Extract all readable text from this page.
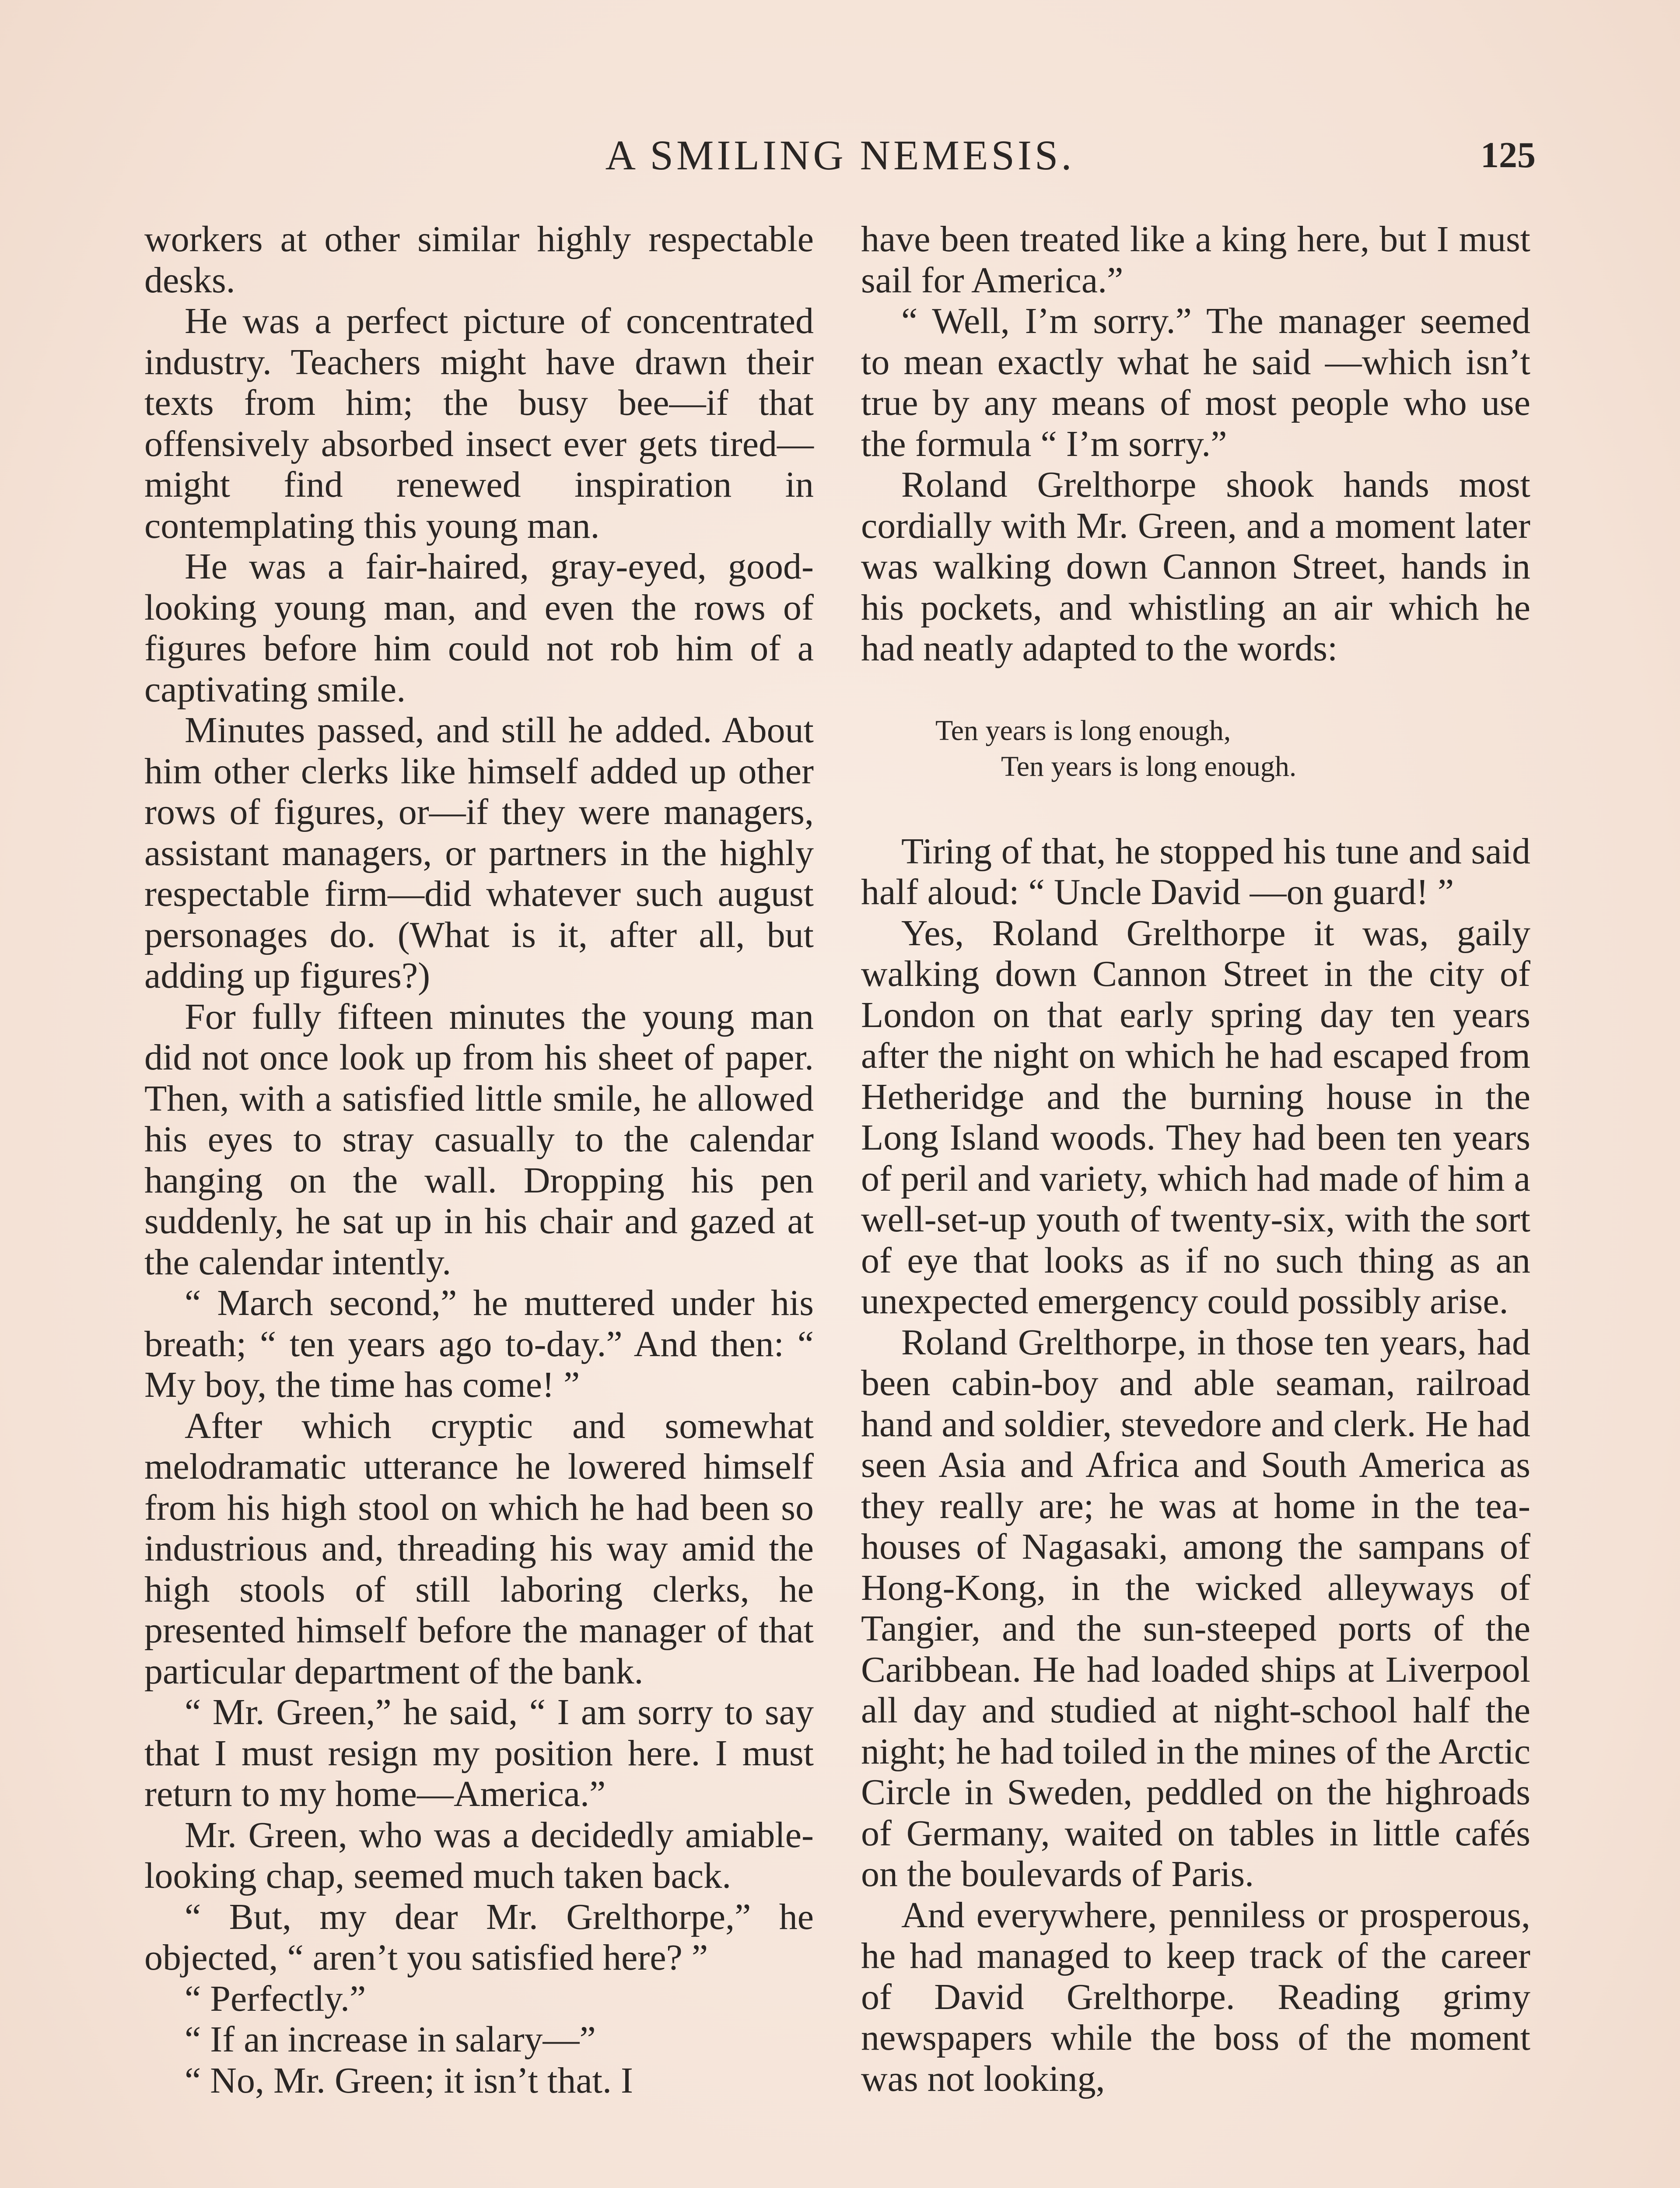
A SMILING NEMESIS.	125

workers at other similar highly respectable desks.

He was a perfect picture of concentrated industry. Teachers might have drawn their texts from him; the busy bee—if that offensively absorbed insect ever gets tired—might find renewed inspiration in contemplating this young man.

He was a fair-haired, gray-eyed, good-looking young man, and even the rows of figures before him could not rob him of a captivating smile.

Minutes passed, and still he added. About him other clerks like himself added up other rows of figures, or—if they were managers, assistant managers, or partners in the highly respectable firm—did whatever such august personages do. (What is it, after all, but adding up figures?)

For fully fifteen minutes the young man did not once look up from his sheet of paper. Then, with a satisfied little smile, he allowed his eyes to stray casually to the calendar hanging on the wall. Dropping his pen suddenly, he sat up in his chair and gazed at the calendar intently.

“ March second,” he muttered under his breath; “ ten years ago to-day.” And then: “ My boy, the time has come! ”

After which cryptic and somewhat melodramatic utterance he lowered himself from his high stool on which he had been so industrious and, threading his way amid the high stools of still laboring clerks, he presented himself before the manager of that particular department of the bank.

“ Mr. Green,” he said, “ I am sorry to say that I must resign my position here. I must return to my home—America.”

Mr. Green, who was a decidedly amiable-looking chap, seemed much taken back.

“ But, my dear Mr. Grelthorpe,” he objected, “ aren’t you satisfied here? ”

“ Perfectly.”

“ If an increase in salary—”

“ No, Mr. Green; it isn’t that. I

have been treated like a king here, but I must sail for America.”

“ Well, I’m sorry.” The manager seemed to mean exactly what he said —which isn’t true by any means of most people who use the formula “ I’m sorry.”

Roland Grelthorpe shook hands most cordially with Mr. Green, and a moment later was walking down Cannon Street, hands in his pockets, and whistling an air which he had neatly adapted to the words:

Ten years is long enough,
Ten years is long enough.

Tiring of that, he stopped his tune and said half aloud: “ Uncle David —on guard! ”

Yes, Roland Grelthorpe it was, gaily walking down Cannon Street in the city of London on that early spring day ten years after the night on which he had escaped from Hetheridge and the burning house in the Long Island woods. They had been ten years of peril and variety, which had made of him a well-set-up youth of twenty-six, with the sort of eye that looks as if no such thing as an unexpected emergency could possibly arise.

Roland Grelthorpe, in those ten years, had been cabin-boy and able seaman, railroad hand and soldier, stevedore and clerk. He had seen Asia and Africa and South America as they really are; he was at home in the tea-houses of Nagasaki, among the sampans of Hong-Kong, in the wicked alleyways of Tangier, and the sun-steeped ports of the Caribbean. He had loaded ships at Liverpool all day and studied at night-school half the night; he had toiled in the mines of the Arctic Circle in Sweden, peddled on the highroads of Germany, waited on tables in little cafés on the boulevards of Paris.

And everywhere, penniless or prosperous, he had managed to keep track of the career of David Grelthorpe. Reading grimy newspapers while the boss of the moment was not looking,
